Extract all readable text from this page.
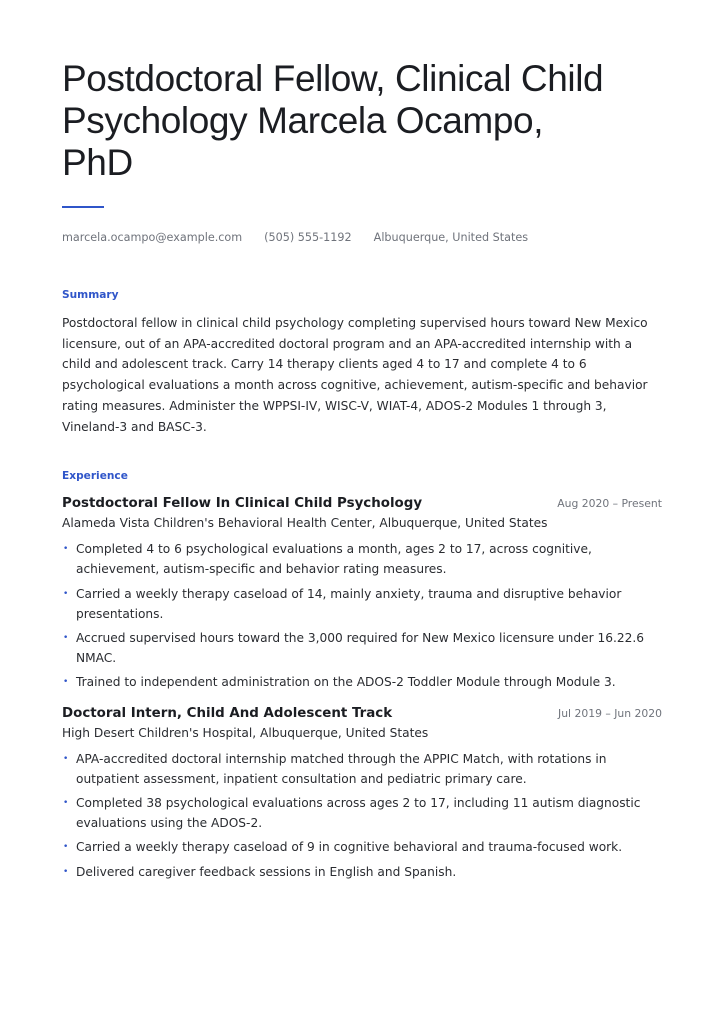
Postdoctoral Fellow, Clinical Child Psychology Marcela Ocampo, PhD
marcela.ocampo@example.com (505) 555-1192 Albuquerque, United States
Summary

Postdoctoral fellow in clinical child psychology completing supervised hours toward New Mexico licensure, out of an APA-accredited doctoral program and an APA-accredited internship with a child and adolescent track. Carry 14 therapy clients aged 4 to 17 and complete 4 to 6 psychological evaluations a month across cognitive, achievement, autism-specific and behavior rating measures. Administer the WPPSI-IV, WISC-V, WIAT-4, ADOS-2 Modules 1 through 3, Vineland-3 and BASC-3.

Experience
Postdoctoral Fellow In Clinical Child Psychology	Aug 2020 – Present
Alameda Vista Children's Behavioral Health Center, Albuquerque, United States
• Completed 4 to 6 psychological evaluations a month, ages 2 to 17, across cognitive, achievement, autism-specific and behavior rating measures.
• Carried a weekly therapy caseload of 14, mainly anxiety, trauma and disruptive behavior presentations.
• Accrued supervised hours toward the 3,000 required for New Mexico licensure under 16.22.6 NMAC.
• Trained to independent administration on the ADOS-2 Toddler Module through Module 3.
Doctoral Intern, Child And Adolescent Track	Jul 2019 – Jun 2020
High Desert Children's Hospital, Albuquerque, United States
• APA-accredited doctoral internship matched through the APPIC Match, with rotations in outpatient assessment, inpatient consultation and pediatric primary care.
• Completed 38 psychological evaluations across ages 2 to 17, including 11 autism diagnostic evaluations using the ADOS-2.
• Carried a weekly therapy caseload of 9 in cognitive behavioral and trauma-focused work.
• Delivered caregiver feedback sessions in English and Spanish.
